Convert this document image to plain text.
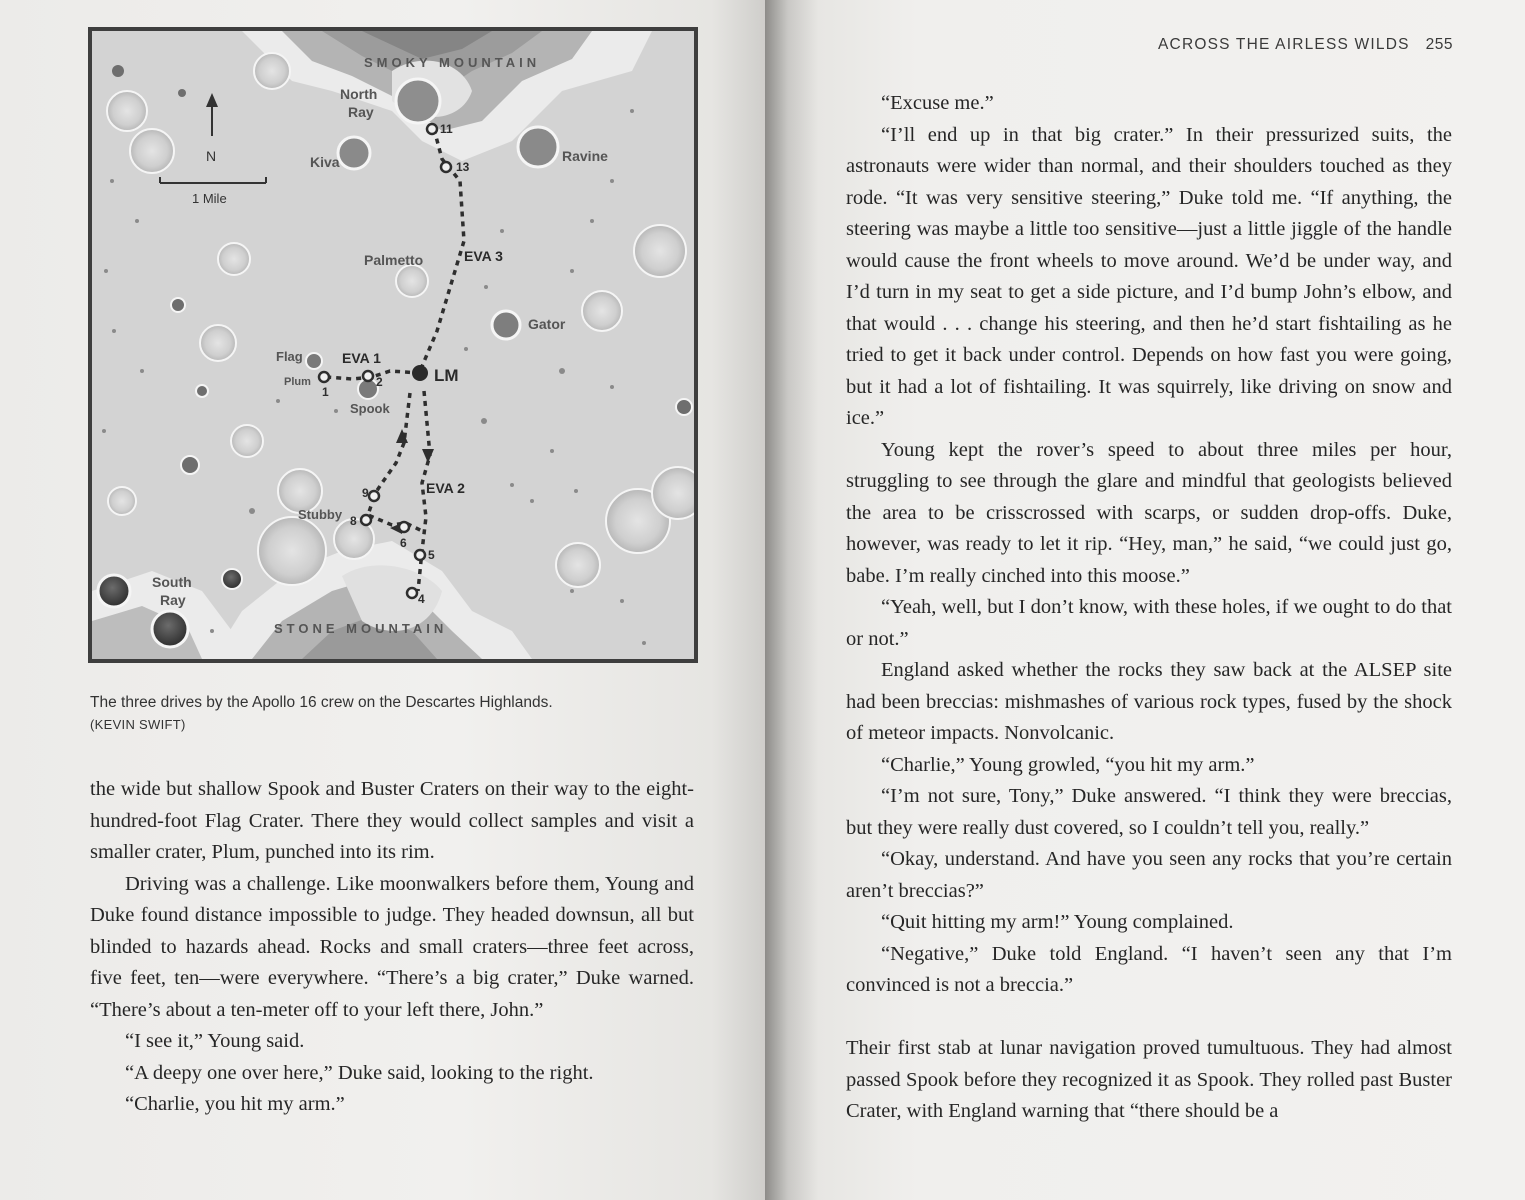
N
1 Mile
1
2
4
5
6
8
9
11
13
SMOKY MOUNTAIN
STONE MOUNTAIN
North
Ray
South
Ray
Kiva	Ravine
Palmetto
Gator
Flag
Plum
Spook
Stubby
LM
EVA 1
EVA 2
EVA 3
The three drives by the Apollo 16 crew on the Descartes Highlands.
(KEVIN SWIFT)

the wide but shallow Spook and Buster Craters on their way to the eight-hundred-foot Flag Crater. There they would collect samples and visit a smaller crater, Plum, punched into its rim.

Driving was a challenge. Like moonwalkers before them, Young and Duke found distance impossible to judge. They headed downsun, all but blinded to hazards ahead. Rocks and small craters—three feet across, five feet, ten—were everywhere. “There’s a big crater,” Duke warned. “There’s about a ten-meter off to your left there, John.”

“I see it,” Young said.

“A deepy one over here,” Duke said, looking to the right.

“Charlie, you hit my arm.”

ACROSS THE AIRLESS WILDS 255

“Excuse me.”

“I’ll end up in that big crater.” In their pressurized suits, the astronauts were wider than normal, and their shoulders touched as they rode. “It was very sensitive steering,” Duke told me. “If anything, the steering was maybe a little too sensitive—just a little jiggle of the handle would cause the front wheels to move around. We’d be under way, and I’d turn in my seat to get a side picture, and I’d bump John’s elbow, and that would . . . change his steering, and then he’d start fishtailing as he tried to get it back under control. Depends on how fast you were going, but it had a lot of fishtailing. It was squirrely, like driving on snow and ice.”

Young kept the rover’s speed to about three miles per hour, struggling to see through the glare and mindful that geologists believed the area to be crisscrossed with scarps, or sudden drop-offs. Duke, however, was ready to let it rip. “Hey, man,” he said, “we could just go, babe. I’m really cinched into this moose.”

“Yeah, well, but I don’t know, with these holes, if we ought to do that or not.”

England asked whether the rocks they saw back at the ALSEP site had been breccias: mishmashes of various rock types, fused by the shock of meteor impacts. Nonvolcanic.

“Charlie,” Young growled, “you hit my arm.”

“I’m not sure, Tony,” Duke answered. “I think they were breccias, but they were really dust covered, so I couldn’t tell you, really.”

“Okay, understand. And have you seen any rocks that you’re certain aren’t breccias?”

“Quit hitting my arm!” Young complained.

“Negative,” Duke told England. “I haven’t seen any that I’m convinced is not a breccia.”

Their first stab at lunar navigation proved tumultuous. They had almost passed Spook before they recognized it as Spook. They rolled past Buster Crater, with England warning that “there should be a
